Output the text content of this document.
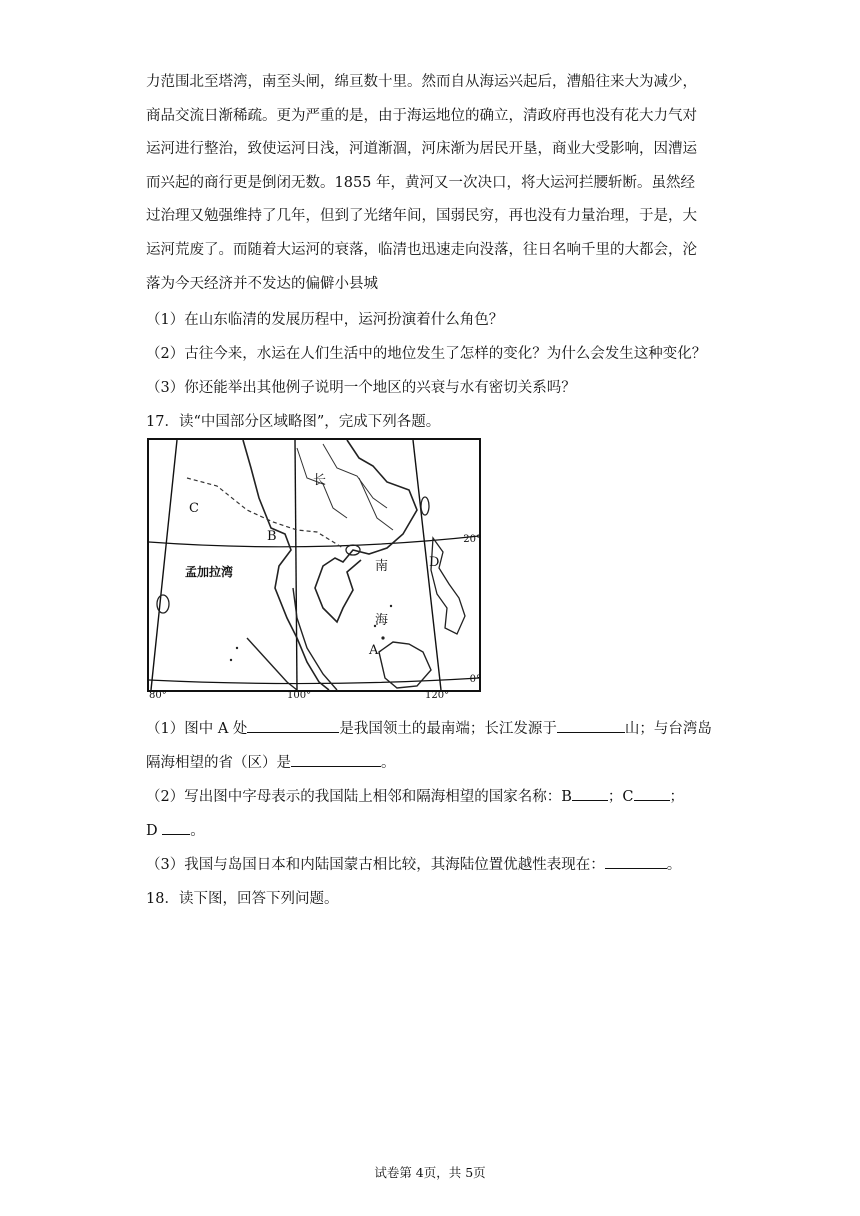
力范围北至塔湾，南至头闸，绵亘数十里。然而自从海运兴起后，漕船往来大为减少，
商品交流日渐稀疏。更为严重的是，由于海运地位的确立，清政府再也没有花大力气对
运河进行整治，致使运河日浅，河道渐涸，河床渐为居民开垦，商业大受影响，因漕运
而兴起的商行更是倒闭无数。1855 年，黄河又一次决口，将大运河拦腰斩断。虽然经
过治理又勉强维持了几年，但到了光绪年间，国弱民穷，再也没有力量治理，于是，大
运河荒废了。而随着大运河的衰落，临清也迅速走向没落，往日名响千里的大都会，沦
落为今天经济并不发达的偏僻小县城

（1）在山东临清的发展历程中，运河扮演着什么角色？

（2）古往今来，水运在人们生活中的地位发生了怎样的变化？为什么会发生这种变化？

（3）你还能举出其他例子说明一个地区的兴衰与水有密切关系吗？

17．读“中国部分区域略图”，完成下列各题。

C
B
长
D
南
海
A
孟加拉湾
20°
0°
80°	100°	120°

（1）图中 A 处	是我国领土的最南端；长江发源于	山；与台湾岛

隔海相望的省（区）是	。

（2）写出图中字母表示的我国陆上相邻和隔海相望的国家名称：B ；C ；

D 。

（3）我国与岛国日本和内陆国蒙古相比较，其海陆位置优越性表现在：	。

18．读下图，回答下列问题。

试卷第 4页，共 5页
